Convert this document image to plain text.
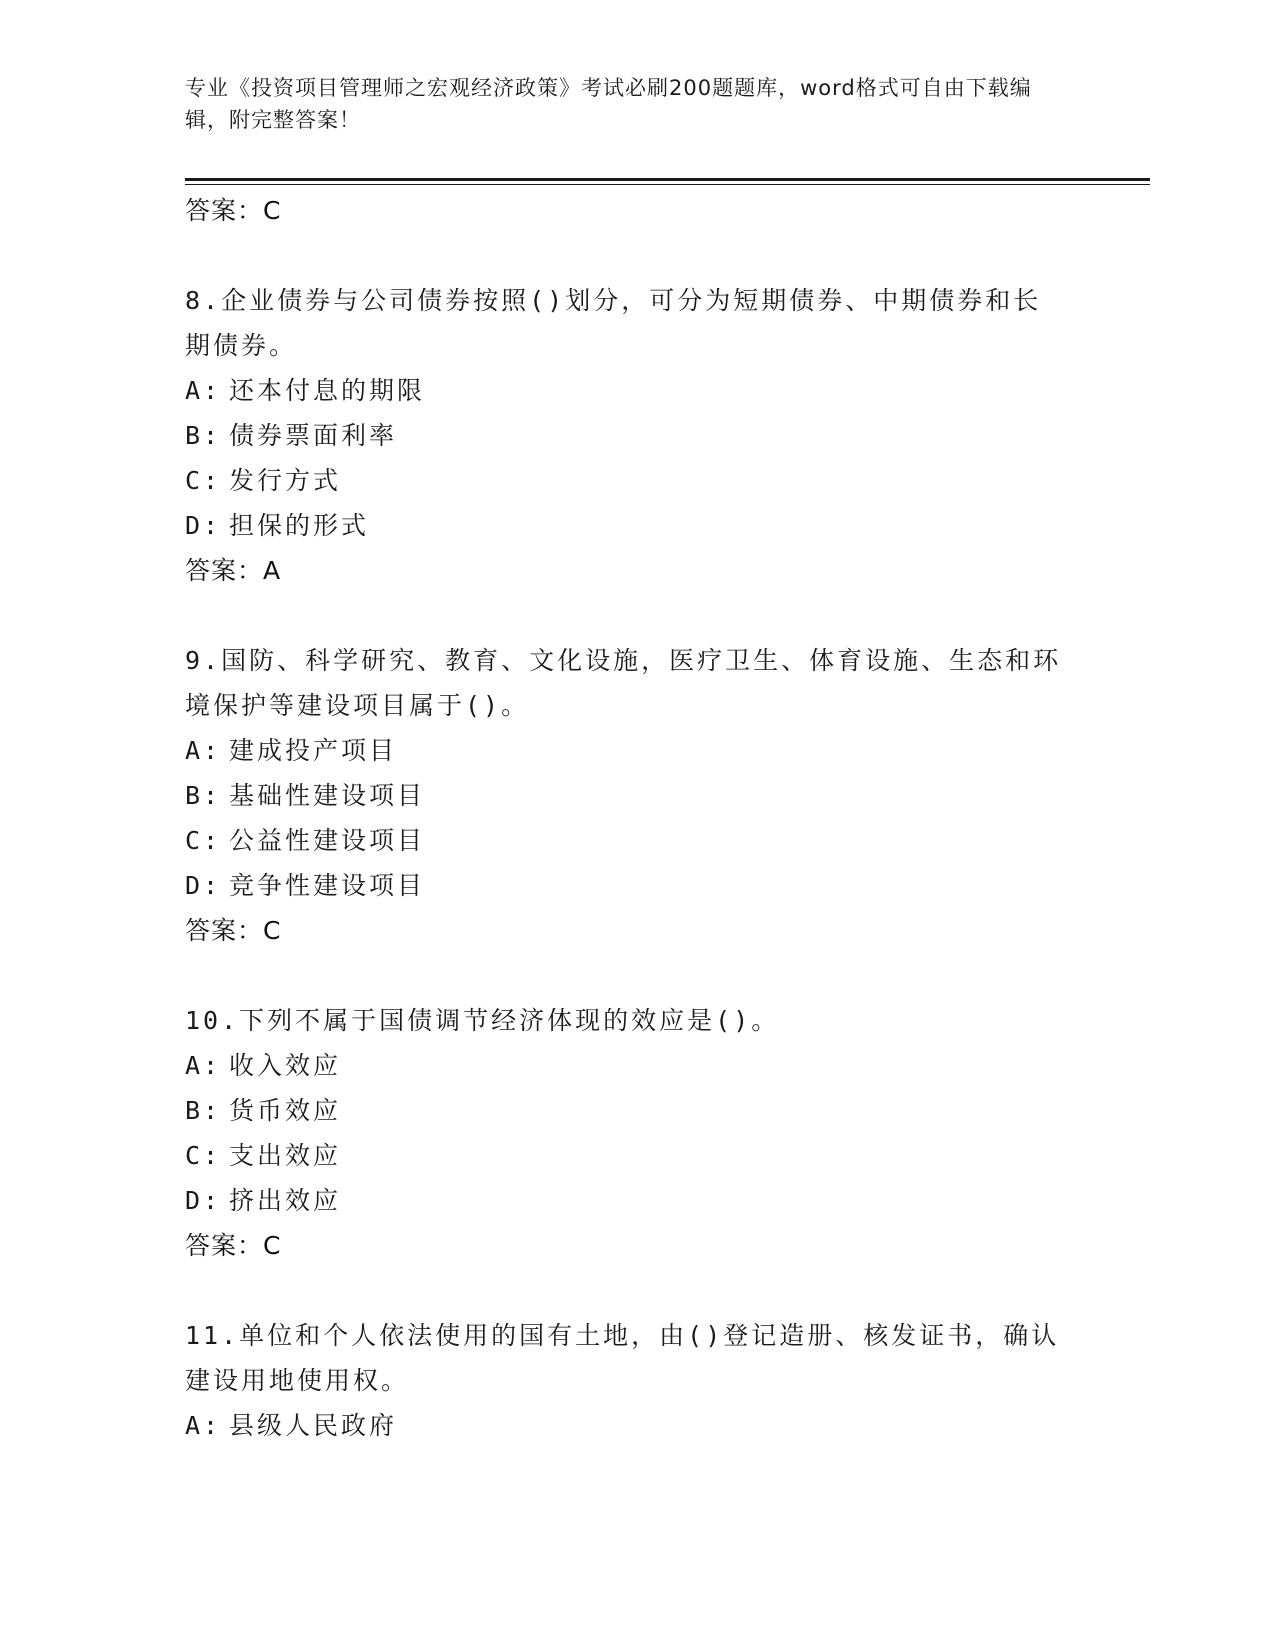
专业《投资项目管理师之宏观经济政策》考试必刷200题题库，word格式可自由下载编辑，附完整答案！
答案：C
8.企业债券与公司债券按照()划分，可分为短期债券、中期债券和长期债券。
A: 还本付息的期限
B: 债券票面利率
C: 发行方式
D: 担保的形式
答案：A
9.国防、科学研究、教育、文化设施，医疗卫生、体育设施、生态和环境保护等建设项目属于()。
A: 建成投产项目
B: 基础性建设项目
C: 公益性建设项目
D: 竞争性建设项目
答案：C
10.下列不属于国债调节经济体现的效应是()。
A: 收入效应
B: 货币效应
C: 支出效应
D: 挤出效应
答案：C
11.单位和个人依法使用的国有土地，由()登记造册、核发证书，确认建设用地使用权。
A: 县级人民政府
